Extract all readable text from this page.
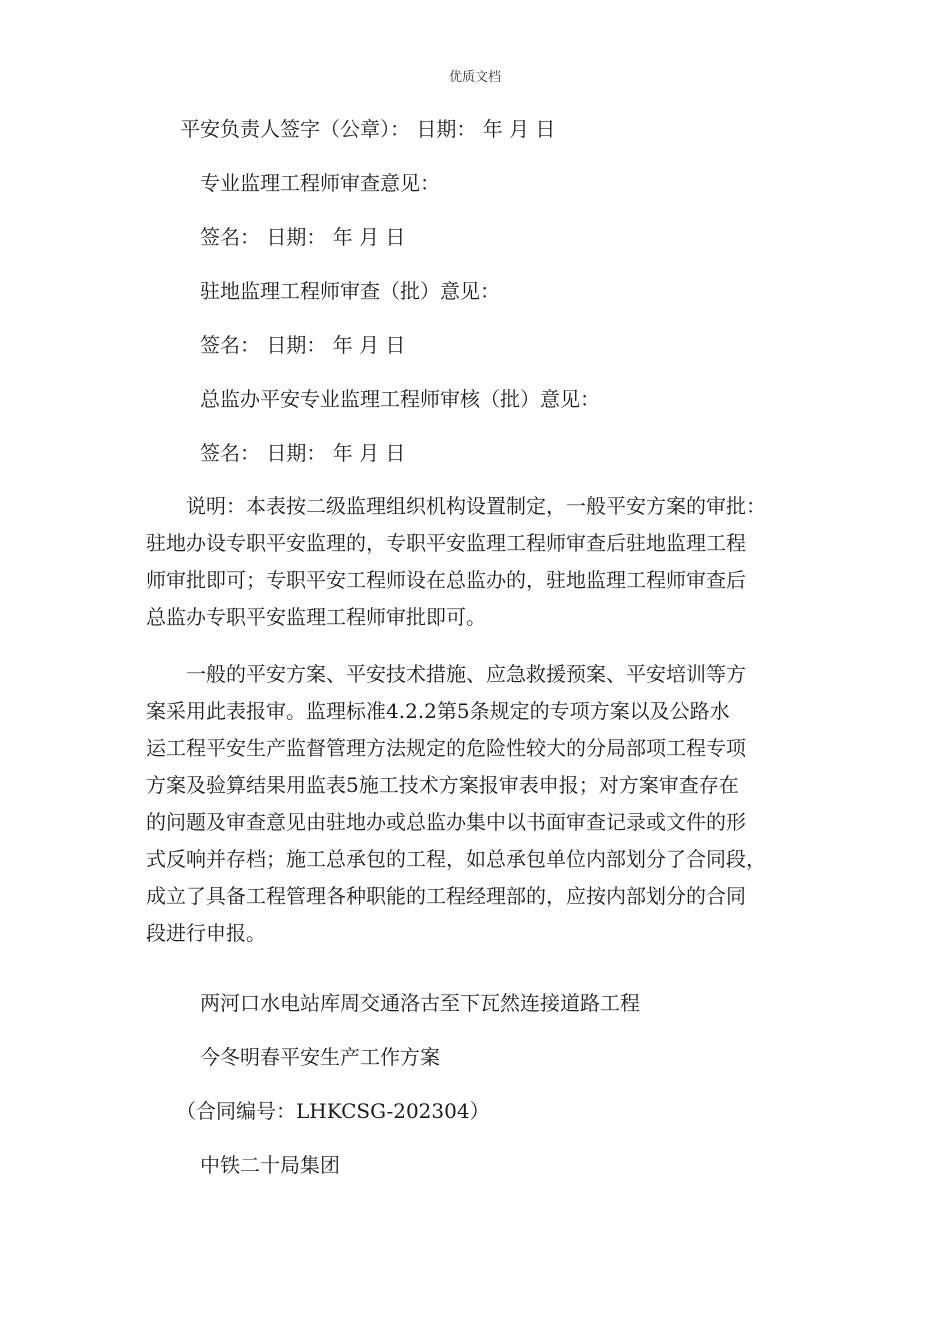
优质文档
平安负责人签字（公章）： 日期： 年 月 日
专业监理工程师审查意见：
签名： 日期： 年 月 日
驻地监理工程师审查（批）意见：
签名： 日期： 年 月 日
总监办平安专业监理工程师审核（批）意见：
签名： 日期： 年 月 日
　　说明：本表按二级监理组织机构设置制定，一般平安方案的审批：
驻地办设专职平安监理的，专职平安监理工程师审查后驻地监理工程
师审批即可；专职平安工程师设在总监办的，驻地监理工程师审查后
总监办专职平安监理工程师审批即可。
　　一般的平安方案、平安技术措施、应急救援预案、平安培训等方
案采用此表报审。监理标准4.2.2第5条规定的专项方案以及公路水
运工程平安生产监督管理方法规定的危险性较大的分局部项工程专项
方案及验算结果用监表5施工技术方案报审表申报；对方案审查存在
的问题及审查意见由驻地办或总监办集中以书面审查记录或文件的形
式反响并存档；施工总承包的工程，如总承包单位内部划分了合同段，
成立了具备工程管理各种职能的工程经理部的，应按内部划分的合同
段进行申报。
两河口水电站库周交通洛古至下瓦然连接道路工程
今冬明春平安生产工作方案
（合同编号：LHKCSG-202304）
中铁二十局集团
